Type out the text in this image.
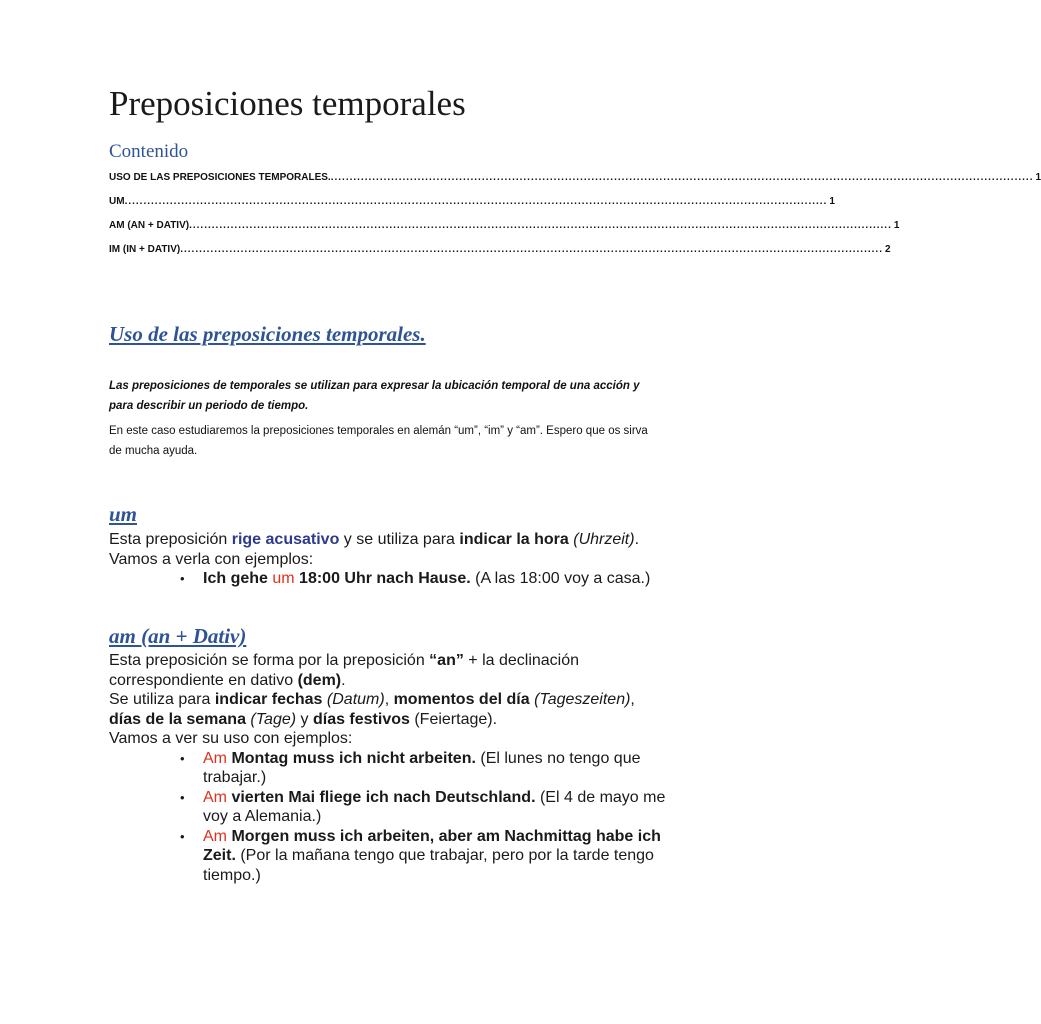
Preposiciones temporales
Contenido
USO DE LAS PREPOSICIONES TEMPORALES. .......................................................................................................................................................................................... 1
UM .......................................................................................................................................................................................... 1
AM (AN + DATIV) .......................................................................................................................................................................................... 1
IM (IN + DATIV) .......................................................................................................................................................................................... 2
Uso de las preposiciones temporales.

Las preposiciones de temporales se utilizan para expresar la ubicación temporal de una acción y para describir un periodo de tiempo.

En este caso estudiaremos la preposiciones temporales en alemán “um”, “im” y “am”. Espero que os sirva de mucha ayuda.

um

Esta preposición rige acusativo y se utiliza para indicar la hora (Uhrzeit). Vamos a verla con ejemplos:

• Ich gehe um 18:00 Uhr nach Hause. (A las 18:00 voy a casa.)
am (an + Dativ)

Esta preposición se forma por la preposición “an” + la declinación correspondiente en dativo (dem).

Se utiliza para indicar fechas (Datum), momentos del día (Tageszeiten), días de la semana (Tage) y días festivos (Feiertage).

Vamos a ver su uso con ejemplos:

• Am Montag muss ich nicht arbeiten. (El lunes no tengo que trabajar.)
• Am vierten Mai fliege ich nach Deutschland. (El 4 de mayo me voy a Alemania.)
• Am Morgen muss ich arbeiten, aber am Nachmittag habe ich Zeit. (Por la mañana tengo que trabajar, pero por la tarde tengo tiempo.)
